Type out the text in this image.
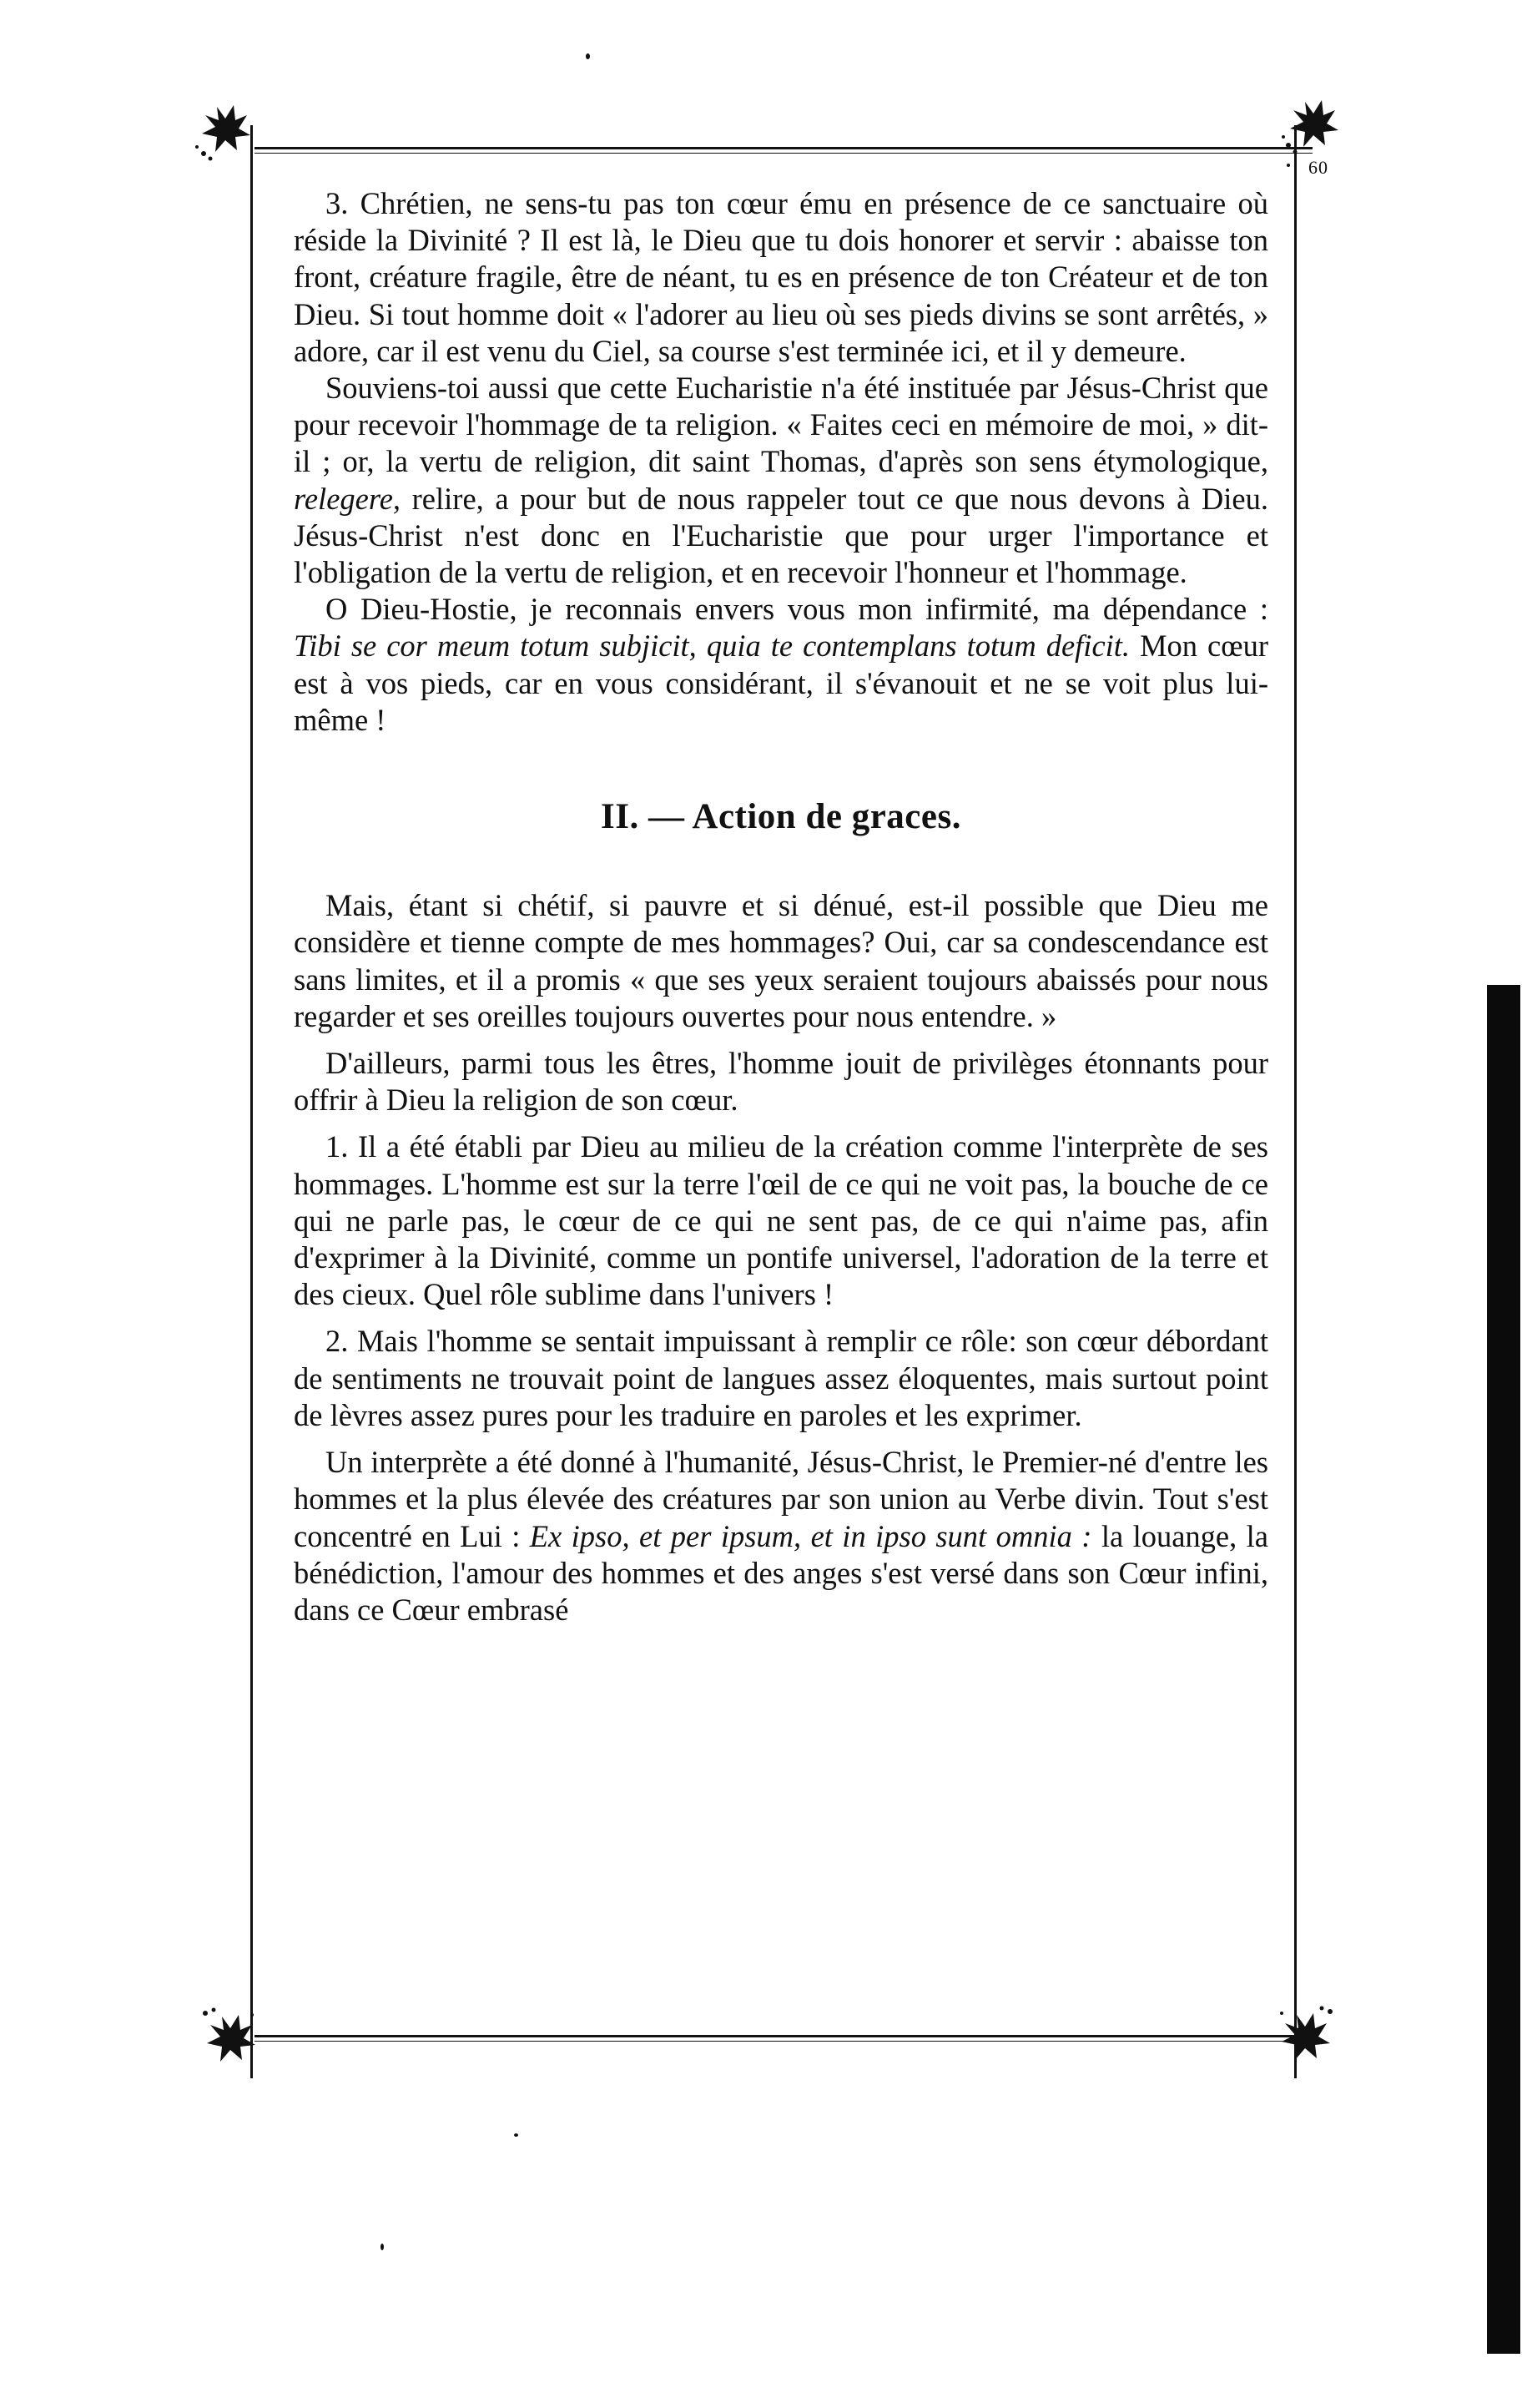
60

3. Chrétien, ne sens-tu pas ton cœur ému en présence de ce sanctuaire où réside la Divinité ? Il est là, le Dieu que tu dois honorer et servir : abaisse ton front, créature fragile, être de néant, tu es en présence de ton Créateur et de ton Dieu. Si tout homme doit « l'adorer au lieu où ses pieds divins se sont arrêtés, » adore, car il est venu du Ciel, sa course s'est terminée ici, et il y demeure.

Souviens-toi aussi que cette Eucharistie n'a été instituée par Jésus-Christ que pour recevoir l'hommage de ta religion. « Faites ceci en mémoire de moi, » dit-il ; or, la vertu de religion, dit saint Thomas, d'après son sens étymologique, relegere, relire, a pour but de nous rappeler tout ce que nous devons à Dieu. Jésus-Christ n'est donc en l'Eucharistie que pour urger l'importance et l'obligation de la vertu de religion, et en recevoir l'honneur et l'hommage.

O Dieu-Hostie, je reconnais envers vous mon infirmité, ma dépendance : Tibi se cor meum totum subjicit, quia te contemplans totum deficit. Mon cœur est à vos pieds, car en vous considérant, il s'évanouit et ne se voit plus lui-même !

II. — Action de graces.

Mais, étant si chétif, si pauvre et si dénué, est-il possible que Dieu me considère et tienne compte de mes hommages? Oui, car sa condescendance est sans limites, et il a promis « que ses yeux seraient toujours abaissés pour nous regarder et ses oreilles toujours ouvertes pour nous entendre. »

D'ailleurs, parmi tous les êtres, l'homme jouit de privilèges étonnants pour offrir à Dieu la religion de son cœur.

1. Il a été établi par Dieu au milieu de la création comme l'interprète de ses hommages. L'homme est sur la terre l'œil de ce qui ne voit pas, la bouche de ce qui ne parle pas, le cœur de ce qui ne sent pas, de ce qui n'aime pas, afin d'exprimer à la Divinité, comme un pontife universel, l'adoration de la terre et des cieux. Quel rôle sublime dans l'univers !

2. Mais l'homme se sentait impuissant à remplir ce rôle: son cœur débordant de sentiments ne trouvait point de langues assez éloquentes, mais surtout point de lèvres assez pures pour les traduire en paroles et les exprimer.

Un interprète a été donné à l'humanité, Jésus-Christ, le Premier-né d'entre les hommes et la plus élevée des créatures par son union au Verbe divin. Tout s'est concentré en Lui : Ex ipso, et per ipsum, et in ipso sunt omnia : la louange, la bénédiction, l'amour des hommes et des anges s'est versé dans son Cœur infini, dans ce Cœur embrasé
